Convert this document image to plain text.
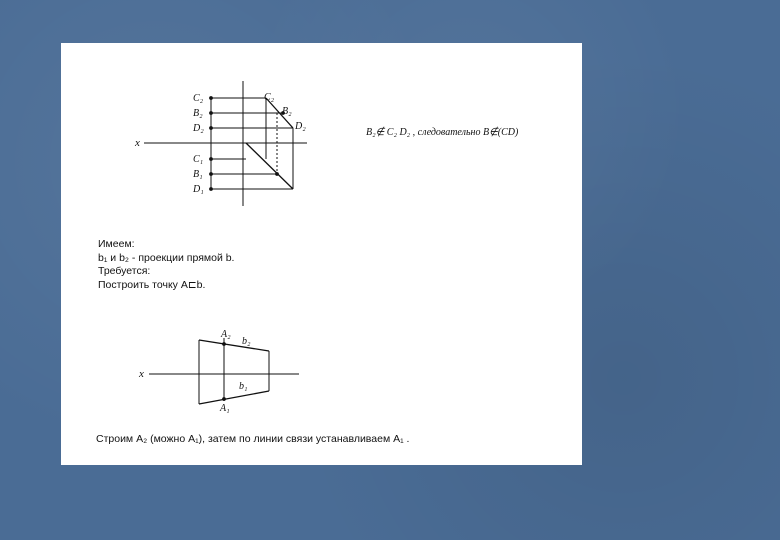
x
C₂
B₂
D₂
C₁
B₁
D₁
C₂
B₂
D₂
x
A₂
b₂
b₁
A₁
B₂∉ C₂ D₂ , следовательно B∉(CD)
Имеем:
b₁ и b₂ - проекции прямой b.
Требуется:
Построить точку A⊏b.
Строим A₂ (можно A₁), затем по линии связи устанавливаем A₁ .
